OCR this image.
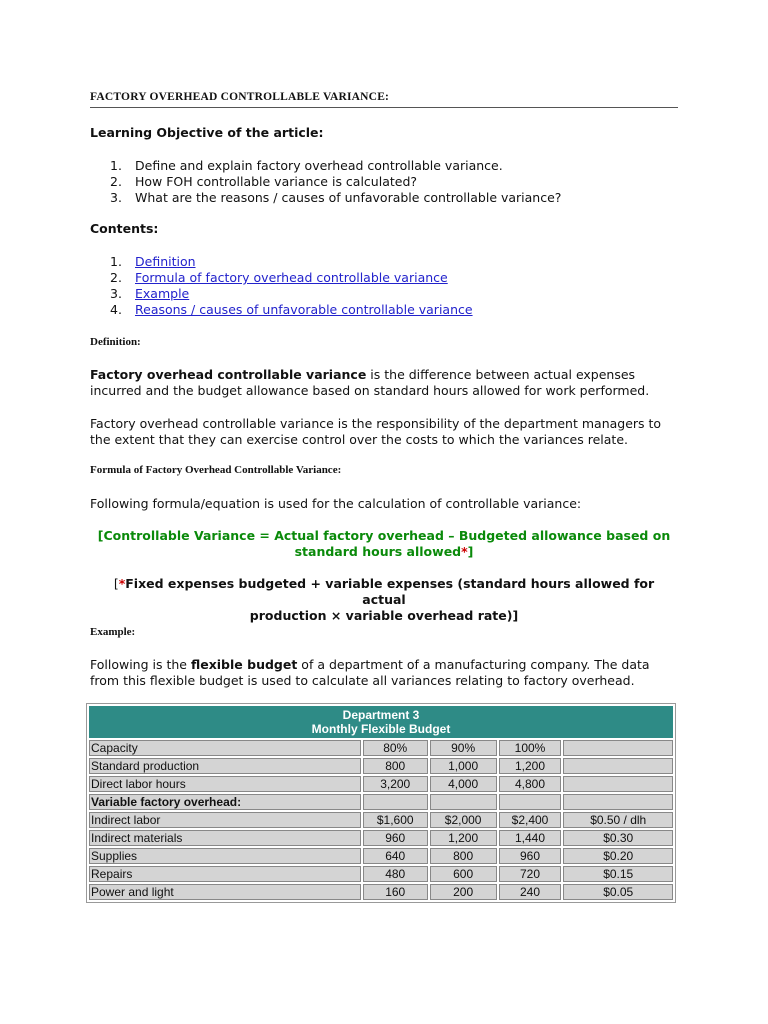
FACTORY OVERHEAD CONTROLLABLE VARIANCE:
Learning Objective of the article:
1. Define and explain factory overhead controllable variance.
2. How FOH controllable variance is calculated?
3. What are the reasons / causes of unfavorable controllable variance?
Contents:
1. Definition
2. Formula of factory overhead controllable variance
3. Example
4. Reasons / causes of unfavorable controllable variance
Definition:
Factory overhead controllable variance is the difference between actual expenses
incurred and the budget allowance based on standard hours allowed for work performed.
Factory overhead controllable variance is the responsibility of the department managers to
the extent that they can exercise control over the costs to which the variances relate.
Formula of Factory Overhead Controllable Variance:
Following formula/equation is used for the calculation of controllable variance:
[Controllable Variance = Actual factory overhead – Budgeted allowance based on
standard hours allowed*]
[*Fixed expenses budgeted + variable expenses (standard hours allowed for actual
production × variable overhead rate)]
Example:
Following is the flexible budget of a department of a manufacturing company. The data
from this flexible budget is used to calculate all variances relating to factory overhead.
Department 3
Monthly Flexible Budget				

Capacity	80%	90%	100%	
Standard production	800	1,000	1,200	
Direct labor hours	3,200	4,000	4,800	
Variable factory overhead:				
Indirect labor	$1,600	$2,000	$2,400	$0.50 / dlh
Indirect materials	960	1,200	1,440	$0.30
Supplies	640	800	960	$0.20
Repairs	480	600	720	$0.15
Power and light	160	200	240	$0.05
